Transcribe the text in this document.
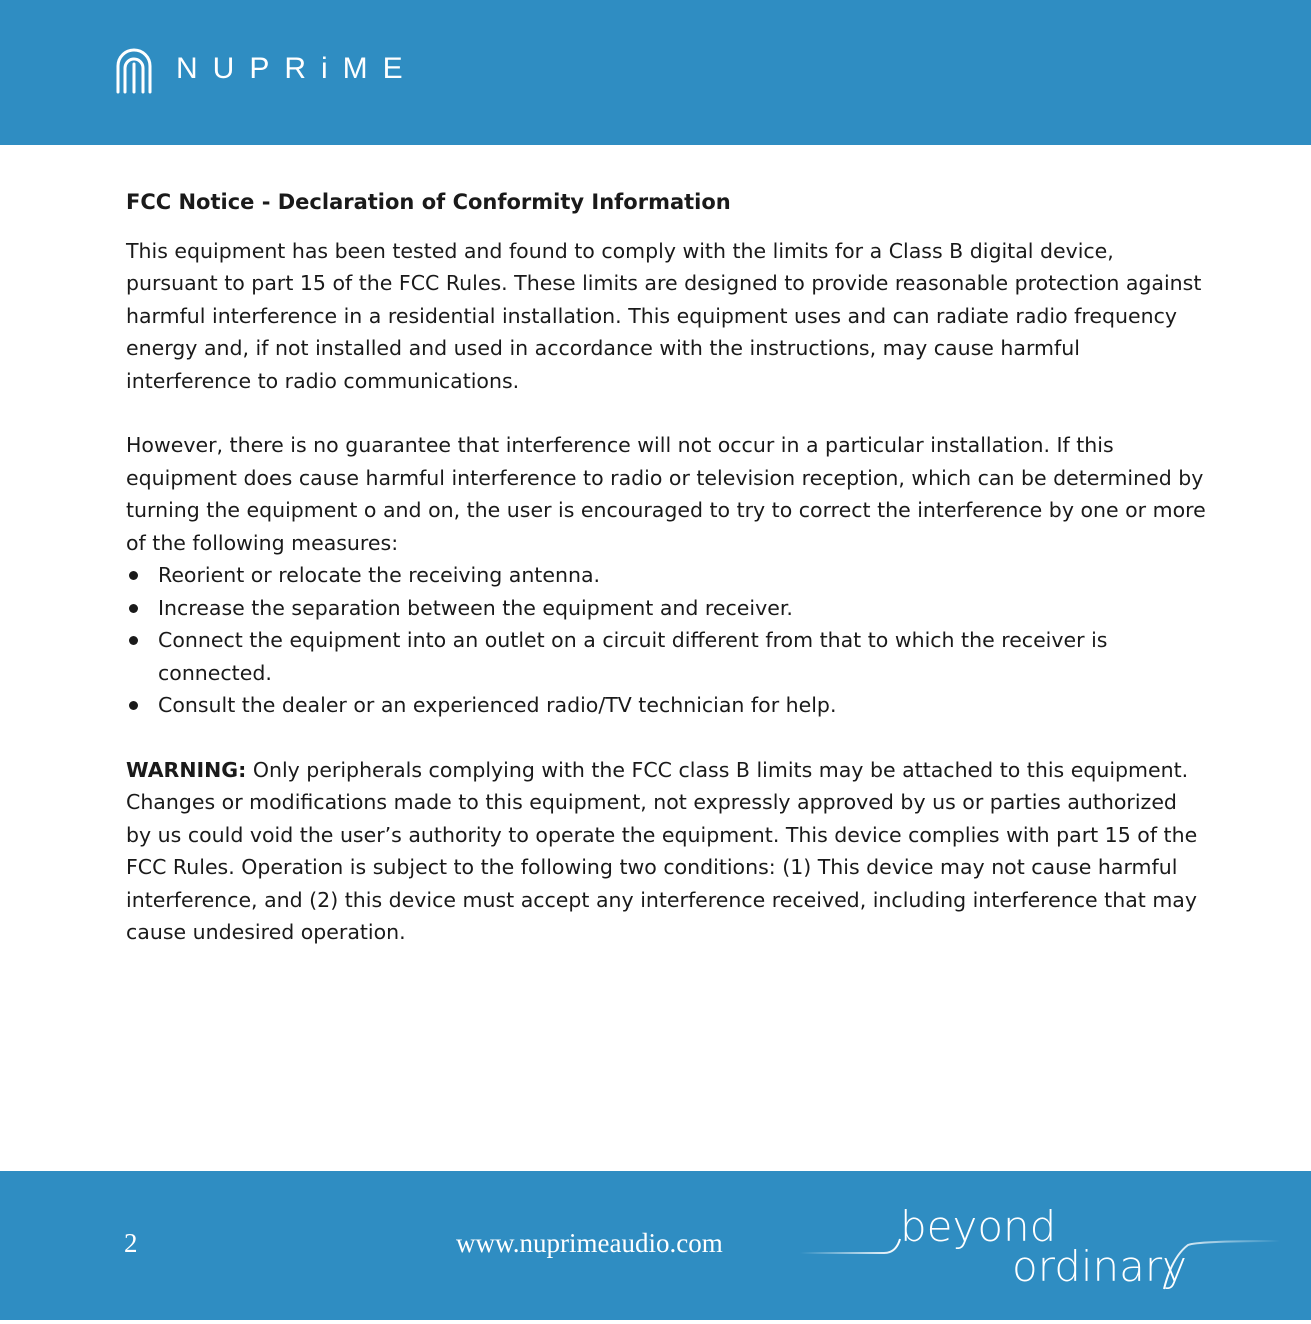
NUPRiME

FCC Notice - Declaration of Conformity Information

This equipment has been tested and found to comply with the limits for a Class B digital device, pursuant to part 15 of the FCC Rules. These limits are designed to provide reasonable protection against harmful interference in a residential installation. This equipment uses and can radiate radio frequency energy and, if not installed and used in accordance with the instructions, may cause harmful interference to radio communications.

However, there is no guarantee that interference will not occur in a particular installation. If this equipment does cause harmful interference to radio or television reception, which can be determined by turning the equipment o and on, the user is encouraged to try to correct the interference by one or more of the following measures:

Reorient or relocate the receiving antenna.
Increase the separation between the equipment and receiver.
Connect the equipment into an outlet on a circuit different from that to which the receiver is connected.
Consult the dealer or an experienced radio/TV technician for help.

WARNING: Only peripherals complying with the FCC class B limits may be attached to this equipment.

Changes or modifications made to this equipment, not expressly approved by us or parties authorized by us could void the user’s authority to operate the equipment. This device complies with part 15 of the FCC Rules. Operation is subject to the following two conditions: (1) This device may not cause harmful interference, and (2) this device must accept any interference received, including interference that may cause undesired operation.

2	www.nuprimeaudio.com	beyond
ordinary
